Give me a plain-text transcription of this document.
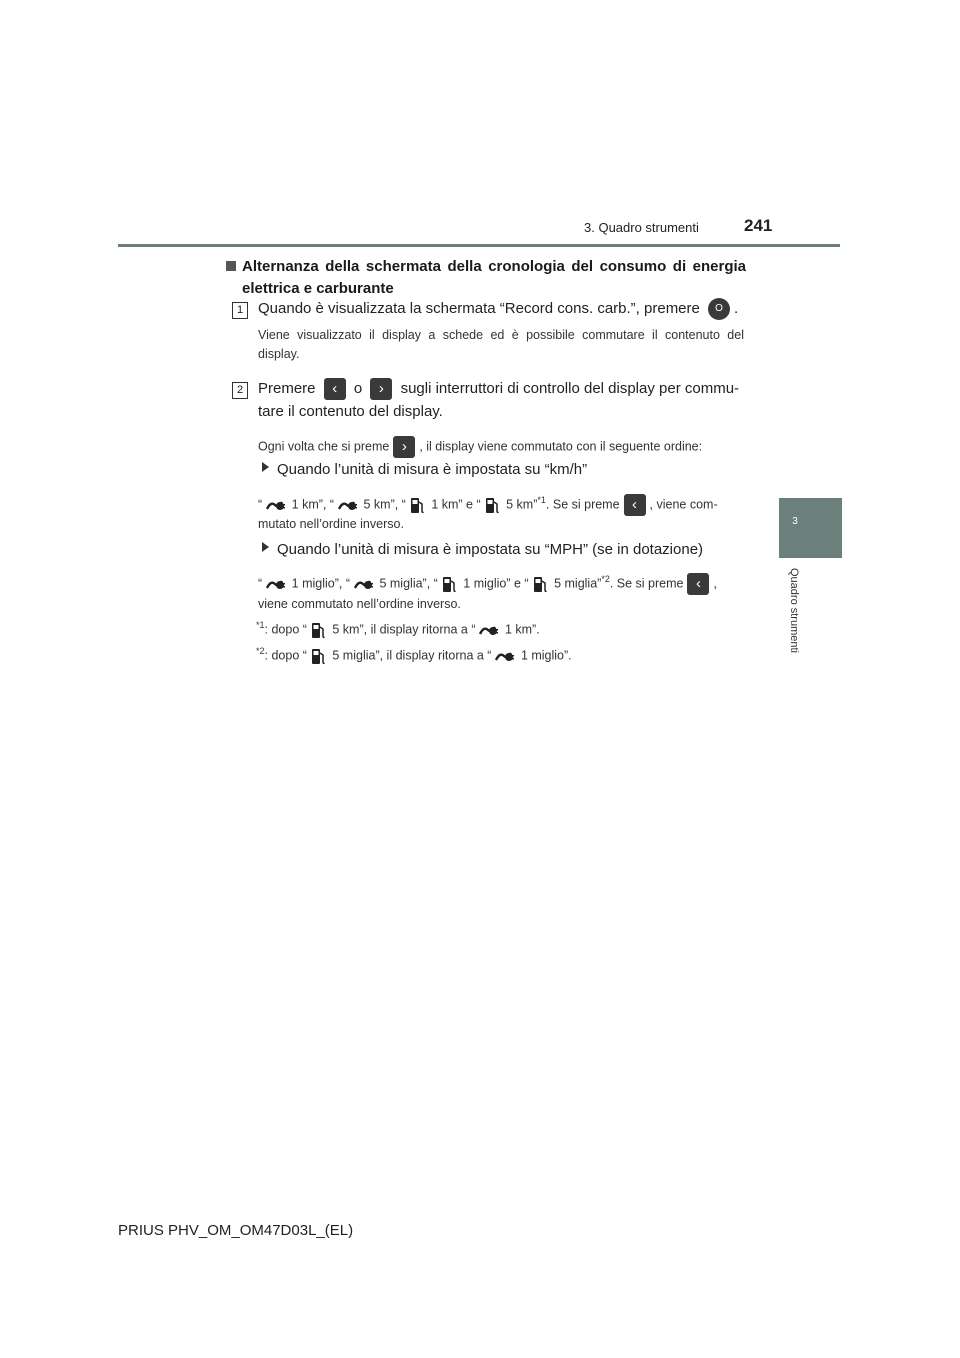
3. Quadro strumenti	241
3
Quadro strumenti
Alternanza della schermata della cronologia del consumo di energia
elettrica e carburante
1 Quando è visualizzata la schermata “Record cons. carb.”, premere O .
Viene visualizzato il display a schede ed è possibile commutare il contenuto del
display.
2 Premere ‹ o › sugli interruttori di controllo del display per commu-
tare il contenuto del display.
Ogni volta che si preme › , il display viene commutato con il seguente ordine:
Quando l’unità di misura è impostata su “km/h”
“ 1 km”, “ 5 km”, “ 1 km” e “ 5 km”$^{*1}$. Se si preme ‹ , viene com-
mutato nell’ordine inverso.
Quando l’unità di misura è impostata su “MPH” (se in dotazione)
“ 1 miglio”, “ 5 miglia”, “ 1 miglio” e “ 5 miglia”$^{*2}$. Se si preme ‹ ,
viene commutato nell’ordine inverso.
$^{*1}$: dopo “ 5 km”, il display ritorna a “ 1 km”.
$^{*2}$: dopo “ 5 miglia”, il display ritorna a “ 1 miglio”.
PRIUS PHV_OM_OM47D03L_(EL)
